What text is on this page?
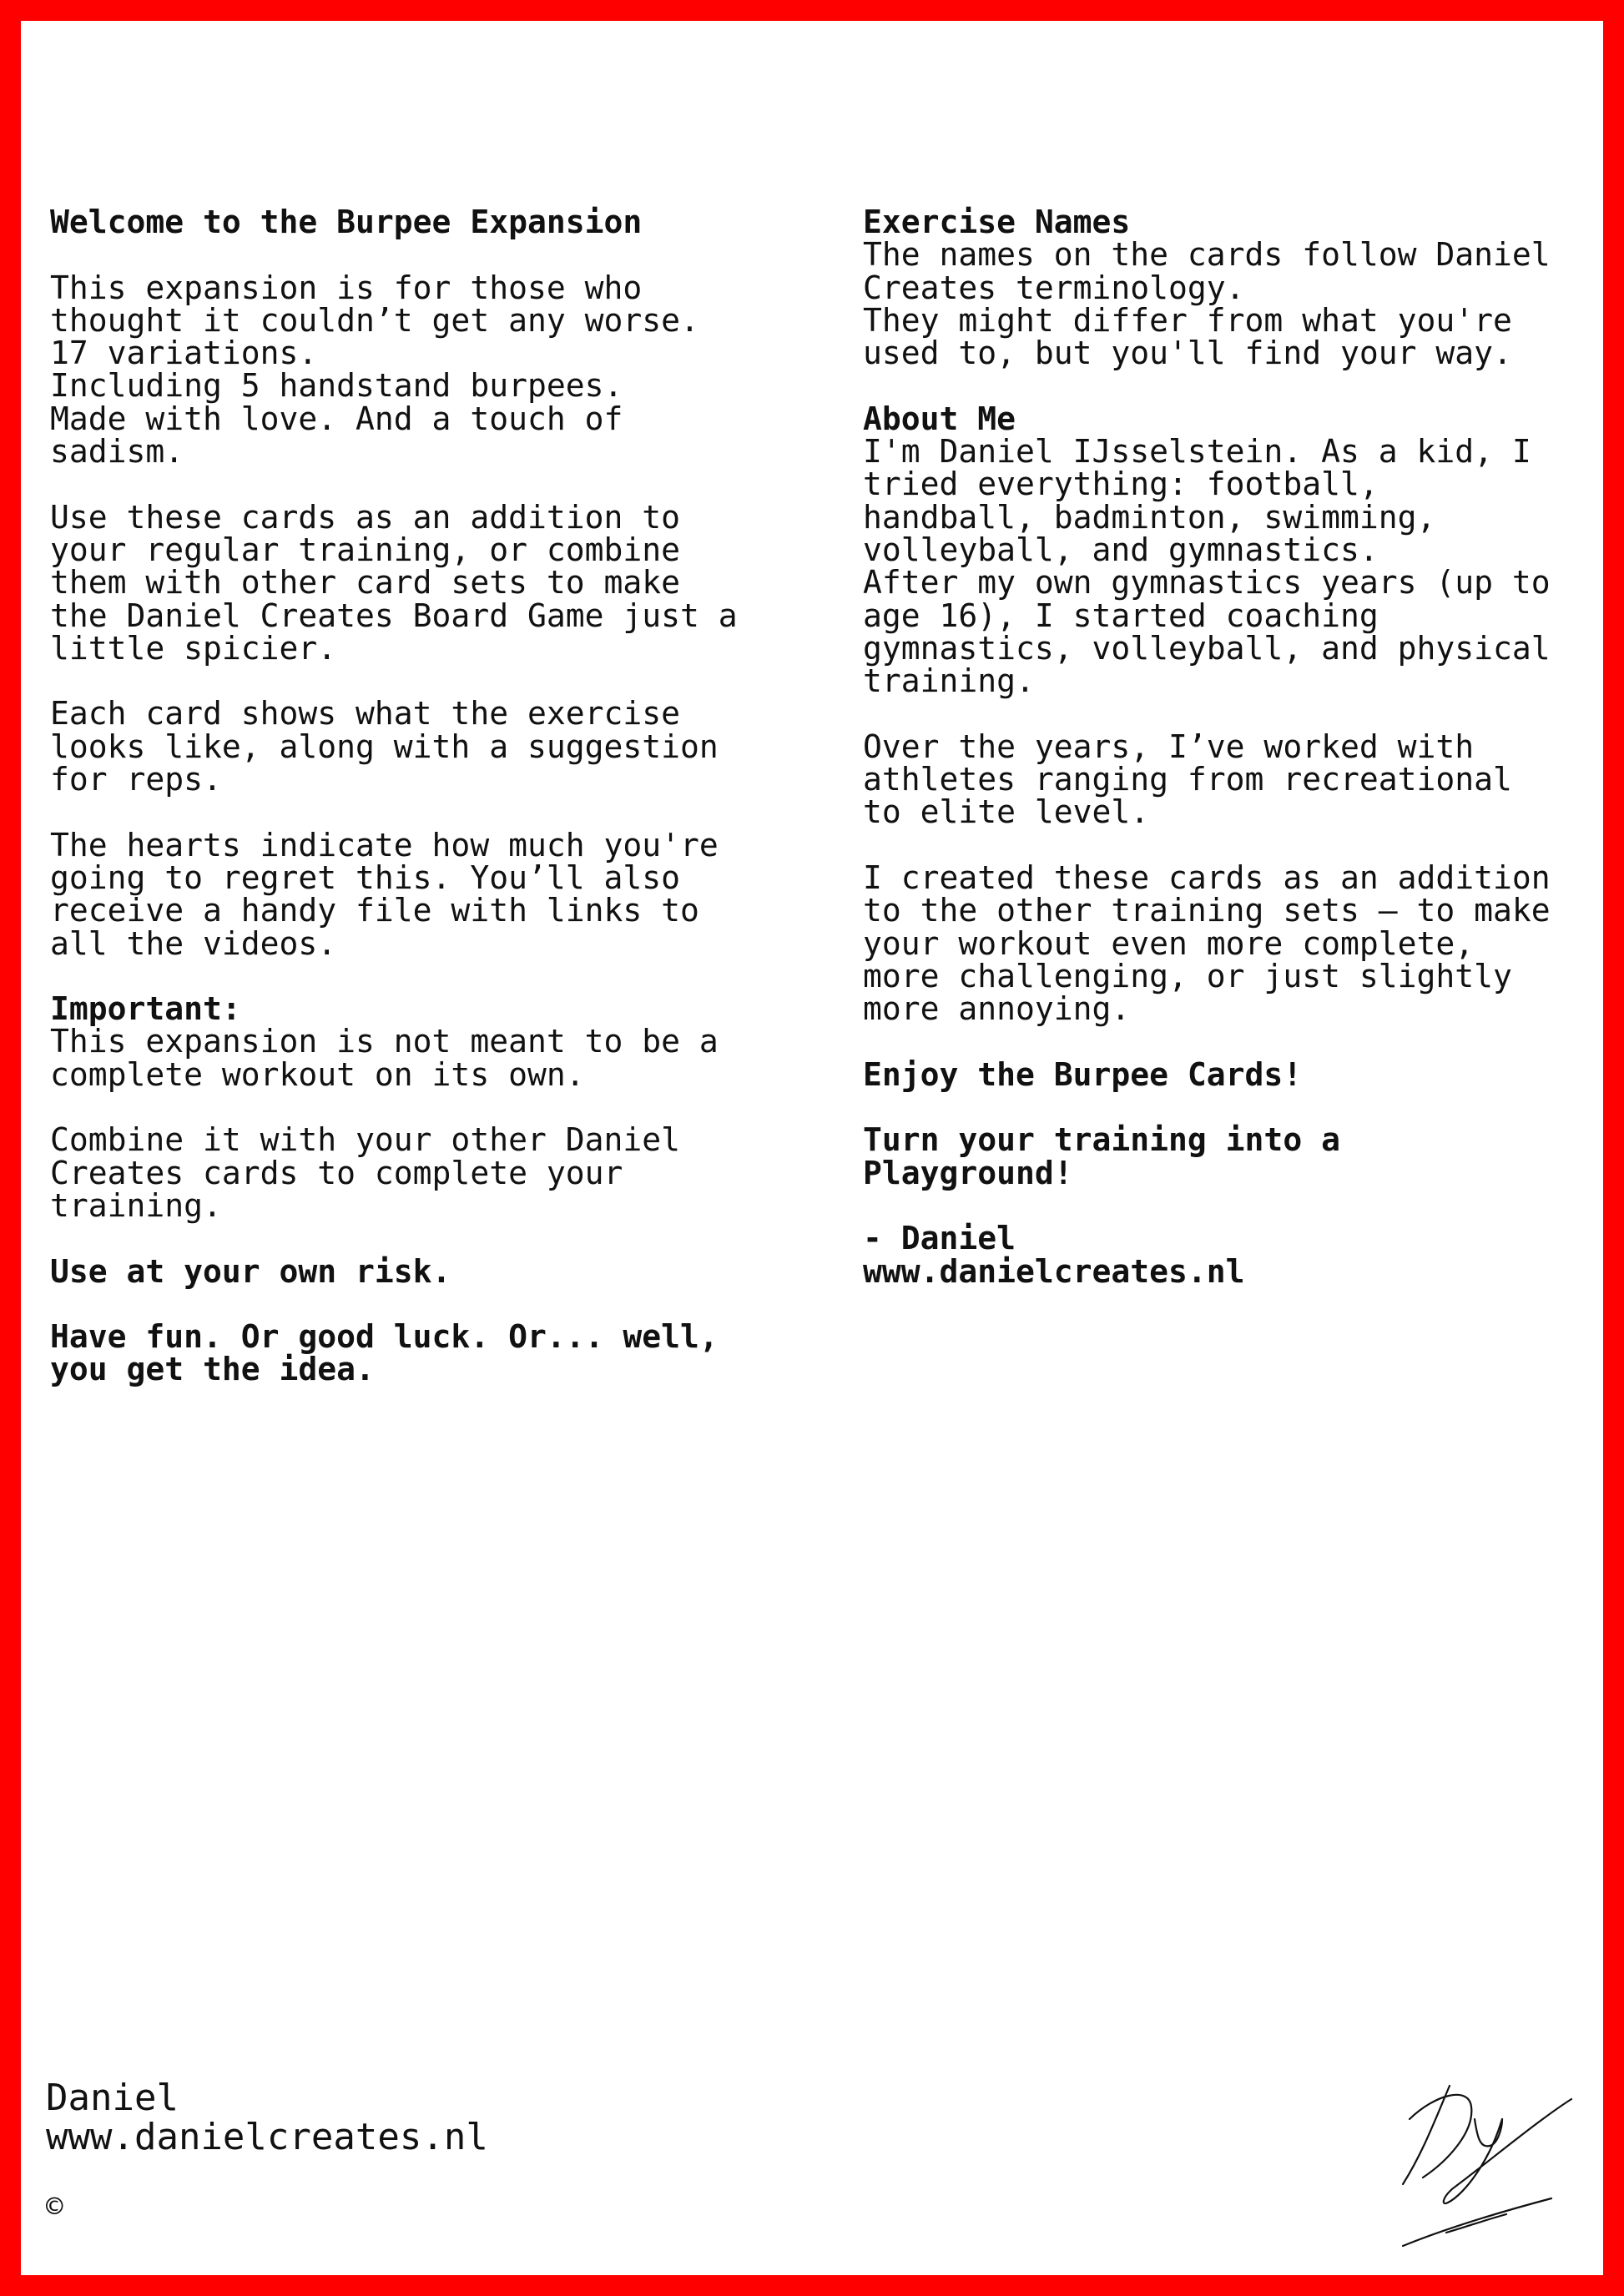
Welcome to the Burpee Expansion
This expansion is for those who
thought it couldn’t get any worse.
17 variations.
Including 5 handstand burpees.
Made with love. And a touch of
sadism.
Use these cards as an addition to
your regular training, or combine
them with other card sets to make
the Daniel Creates Board Game just a
little spicier.
Each card shows what the exercise
looks like, along with a suggestion
for reps.
The hearts indicate how much you're
going to regret this. You’ll also
receive a handy file with links to
all the videos.
Important:
This expansion is not meant to be a
complete workout on its own.
Combine it with your other Daniel
Creates cards to complete your
training.
Use at your own risk.
Have fun. Or good luck. Or... well,
you get the idea.
Exercise Names
The names on the cards follow Daniel
Creates terminology.
They might differ from what you're
used to, but you'll find your way.
About Me
I'm Daniel IJsselstein. As a kid, I
tried everything: football,
handball, badminton, swimming,
volleyball, and gymnastics.
After my own gymnastics years (up to
age 16), I started coaching
gymnastics, volleyball, and physical
training.
Over the years, I’ve worked with
athletes ranging from recreational
to elite level.
I created these cards as an addition
to the other training sets — to make
your workout even more complete,
more challenging, or just slightly
more annoying.
Enjoy the Burpee Cards!
Turn your training into a
Playground!
- Daniel
www.danielcreates.nl
Daniel
www.danielcreates.nl
©
